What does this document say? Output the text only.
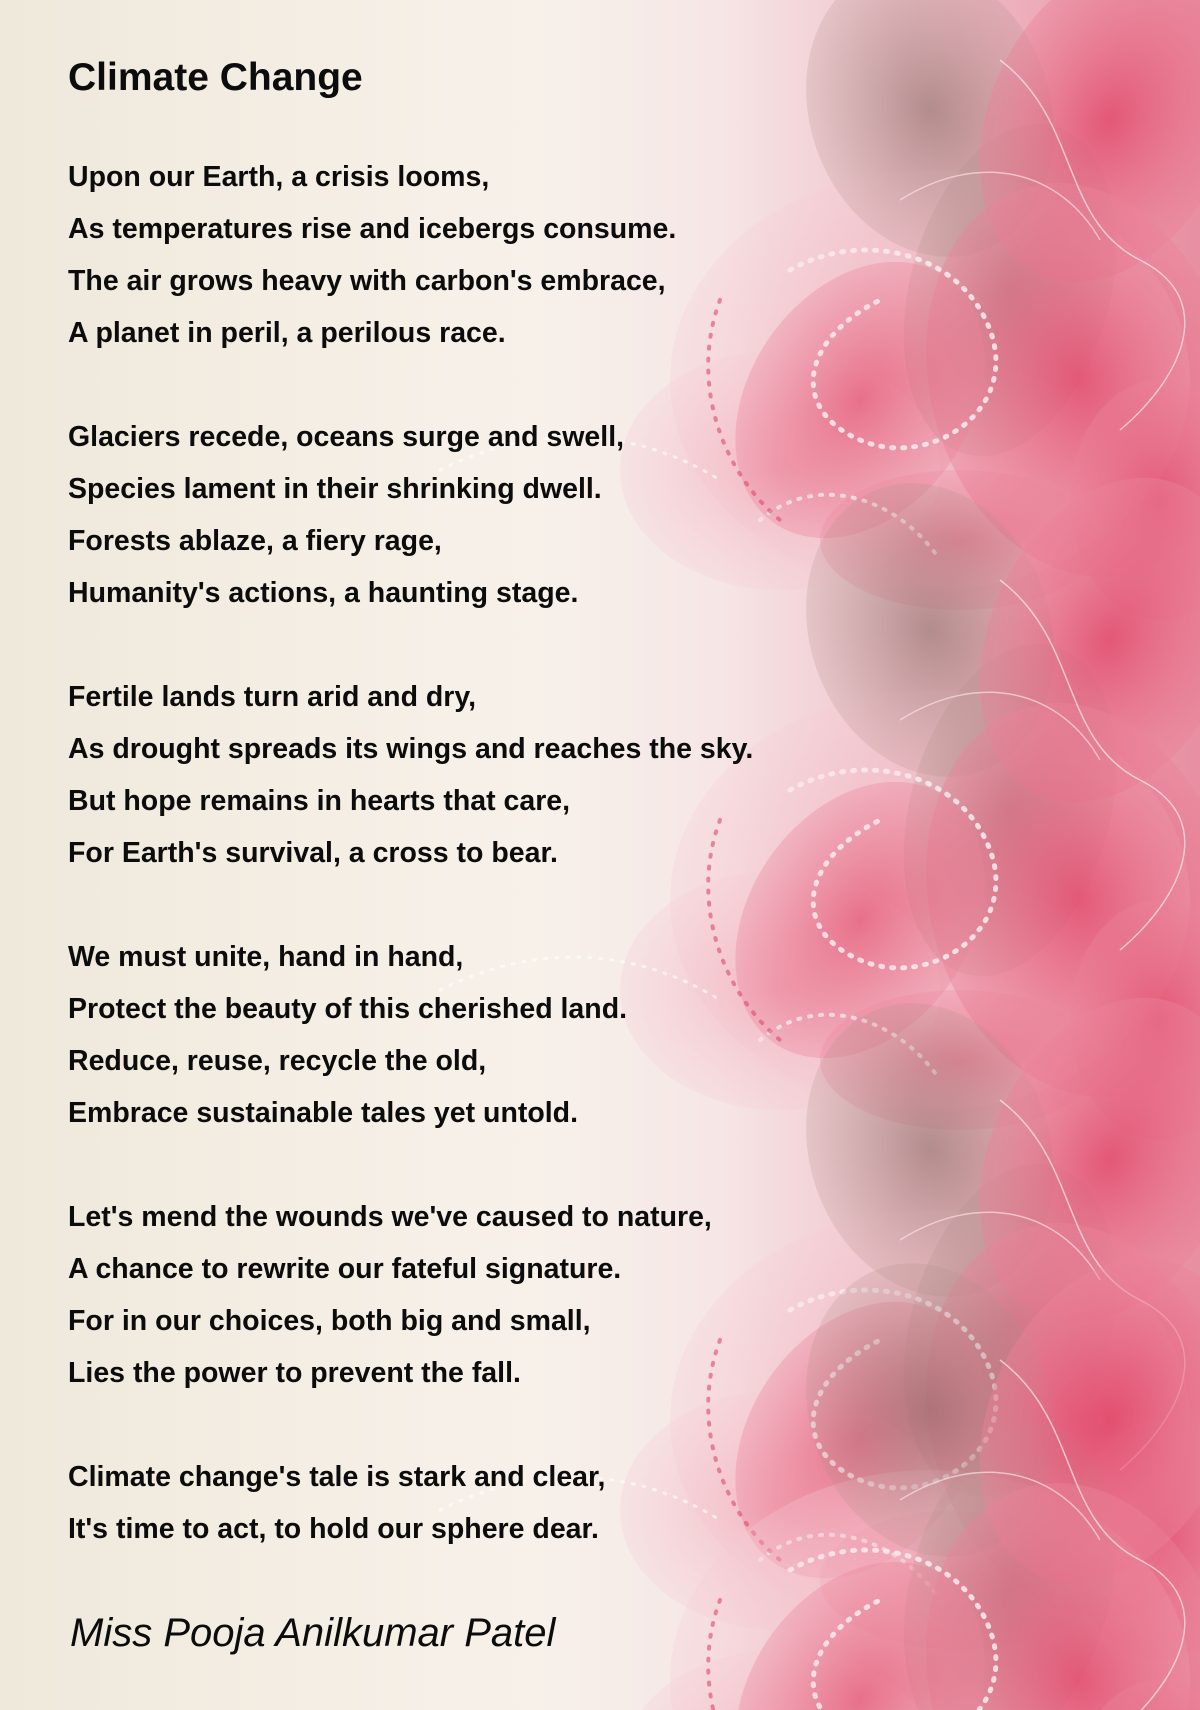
Climate Change
Upon our Earth, a crisis looms,
As temperatures rise and icebergs consume.
The air grows heavy with carbon's embrace,
A planet in peril, a perilous race.
Glaciers recede, oceans surge and swell,
Species lament in their shrinking dwell.
Forests ablaze, a fiery rage,
Humanity's actions, a haunting stage.
Fertile lands turn arid and dry,
As drought spreads its wings and reaches the sky.
But hope remains in hearts that care,
For Earth's survival, a cross to bear.
We must unite, hand in hand,
Protect the beauty of this cherished land.
Reduce, reuse, recycle the old,
Embrace sustainable tales yet untold.
Let's mend the wounds we've caused to nature,
A chance to rewrite our fateful signature.
For in our choices, both big and small,
Lies the power to prevent the fall.
Climate change's tale is stark and clear,
It's time to act, to hold our sphere dear.
Miss Pooja Anilkumar Patel
